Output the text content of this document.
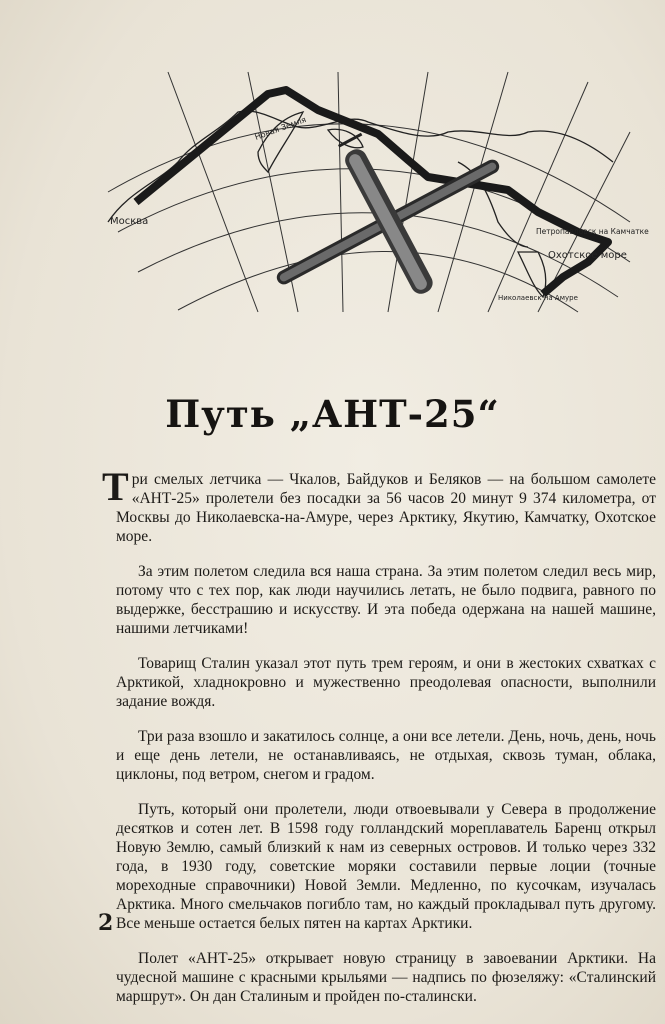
Москва
Новая Земля
Петропавловск на Камчатке
Охотское море
Николаевск на Амуре
Путь „АНТ-25“

Три смелых летчика — Чкалов, Байдуков и Беляков — на большом самолете «АНТ-25» пролетели без посадки за 56 часов 20 минут 9 374 километра, от Москвы до Николаевска-на-Амуре, через Арктику, Якутию, Камчатку, Охотское море.

За этим полетом следила вся наша страна. За этим полетом следил весь мир, потому что с тех пор, как люди научились летать, не было подвига, равного по выдержке, бесстрашию и искусству. И эта победа одержана на нашей машине, нашими летчиками!

Товарищ Сталин указал этот путь трем героям, и они в жестоких схватках с Арктикой, хладнокровно и мужественно преодолевая опасности, выполнили задание вождя.

Три раза взошло и закатилось солнце, а они все летели. День, ночь, день, ночь и еще день летели, не останавливаясь, не отдыхая, сквозь туман, облака, циклоны, под ветром, снегом и градом.

Путь, который они пролетели, люди отвоевывали у Севера в продолжение десятков и сотен лет. В 1598 году голландский мореплаватель Баренц открыл Новую Землю, самый близкий к нам из северных островов. И только через 332 года, в 1930 году, советские моряки составили первые лоции (точные мореходные справочники) Новой Земли. Медленно, по кусочкам, изучалась Арктика. Много смельчаков погибло там, но каждый прокладывал путь другому. Все меньше остается белых пятен на картах Арктики.

Полет «АНТ-25» открывает новую страницу в завоевании Арктики. На чудесной машине с красными крыльями — надпись по фюзеляжу: «Сталинский маршрут». Он дан Сталиным и пройден по-сталински.

2
